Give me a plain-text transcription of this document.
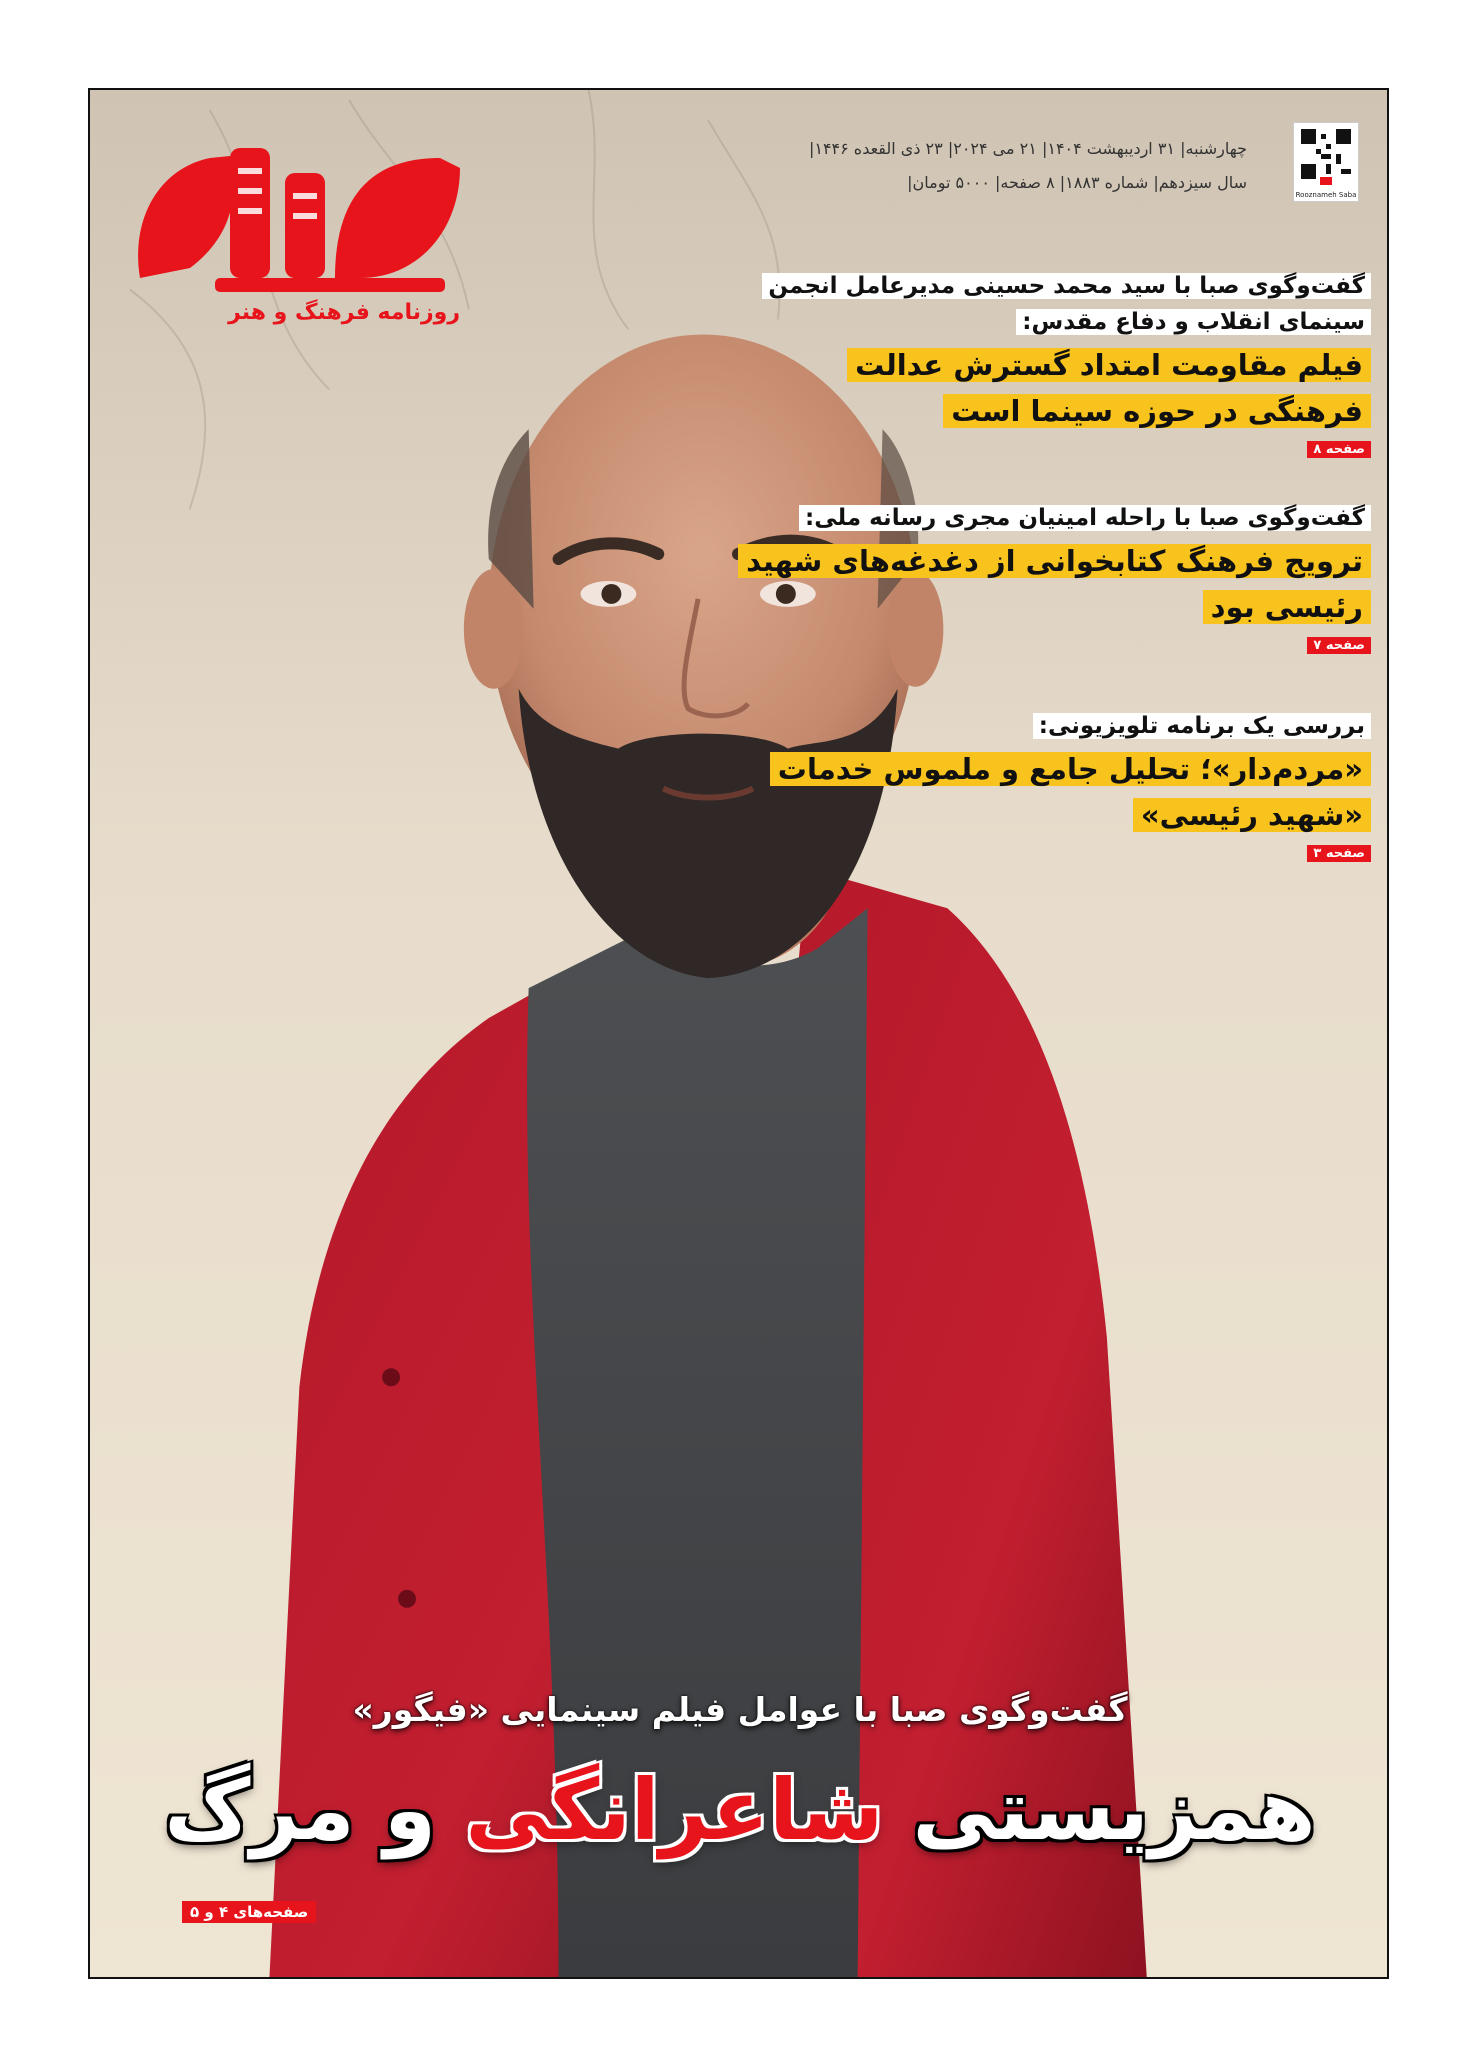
روزنامه فرهنگ و هنر
چهارشنبه| ۳۱ اردیبهشت ۱۴۰۴| ۲۱ می ۲۰۲۴| ۲۳ ذی القعده ۱۴۴۶|
سال سیزدهم| شماره ۱۸۸۳| ۸ صفحه| ۵۰۰۰ تومان|
Rooznameh Saba
گفت‌وگوی صبا با سید محمد حسینی مدیرعامل انجمن سینمای انقلاب و دفاع مقدس:
فیلم مقاومت امتداد گسترش عدالت فرهنگی در حوزه سینما است
صفحه ۸
گفت‌وگوی صبا با راحله امینیان مجری رسانه ملی:
ترویج فرهنگ کتابخوانی از دغدغه‌های شهید رئیسی بود
صفحه ۷
بررسی یک برنامه تلویزیونی:
«مردم‌دار»؛ تحلیل جامع و ملموس خدمات «شهید رئیسی»
صفحه ۳
گفت‌وگوی صبا با عوامل فیلم سینمایی «فیگور»
همزیستی شاعرانگی و مرگ
صفحه‌های ۴ و ۵
